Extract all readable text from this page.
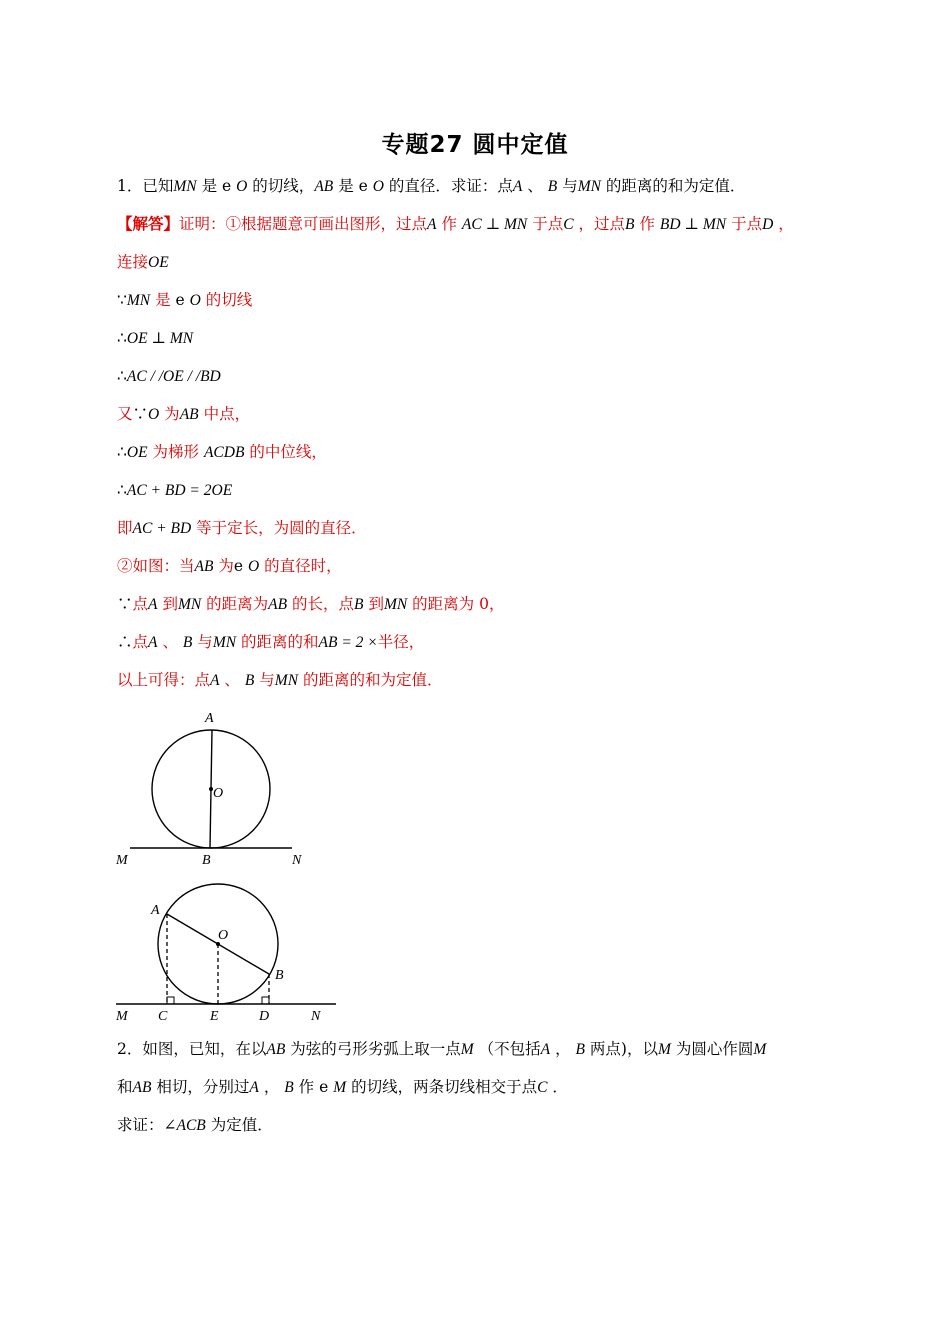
专题27 圆中定值
1．已知MN 是 e O 的切线，AB 是 e O 的直径．求证：点A 、 B 与MN 的距离的和为定值．
【解答】证明：①根据题意可画出图形，过点A 作 AC ⊥ MN 于点C ，过点B 作 BD ⊥ MN 于点D ，
连接OE
∵MN 是 e O 的切线
∴OE ⊥ MN
∴AC / /OE / /BD
又∵O 为AB 中点，
∴OE 为梯形 ACDB 的中位线，
∴AC + BD = 2OE
即AC + BD 等于定长，为圆的直径．
②如图：当AB 为e O 的直径时，
∵点A 到MN 的距离为AB 的长，点B 到MN 的距离为 0，
∴点A 、 B 与MN 的距离的和AB = 2 ×半径，
以上可得：点A 、 B 与MN 的距离的和为定值．
A
O
B
M	N
A
O
B
M C	E	D	N
2．如图，已知，在以AB 为弦的弓形劣弧上取一点M （不包括A ， B 两点)，以M 为圆心作圆M
和AB 相切，分别过A ， B 作 e M 的切线，两条切线相交于点C ．
求证：∠ACB 为定值．
